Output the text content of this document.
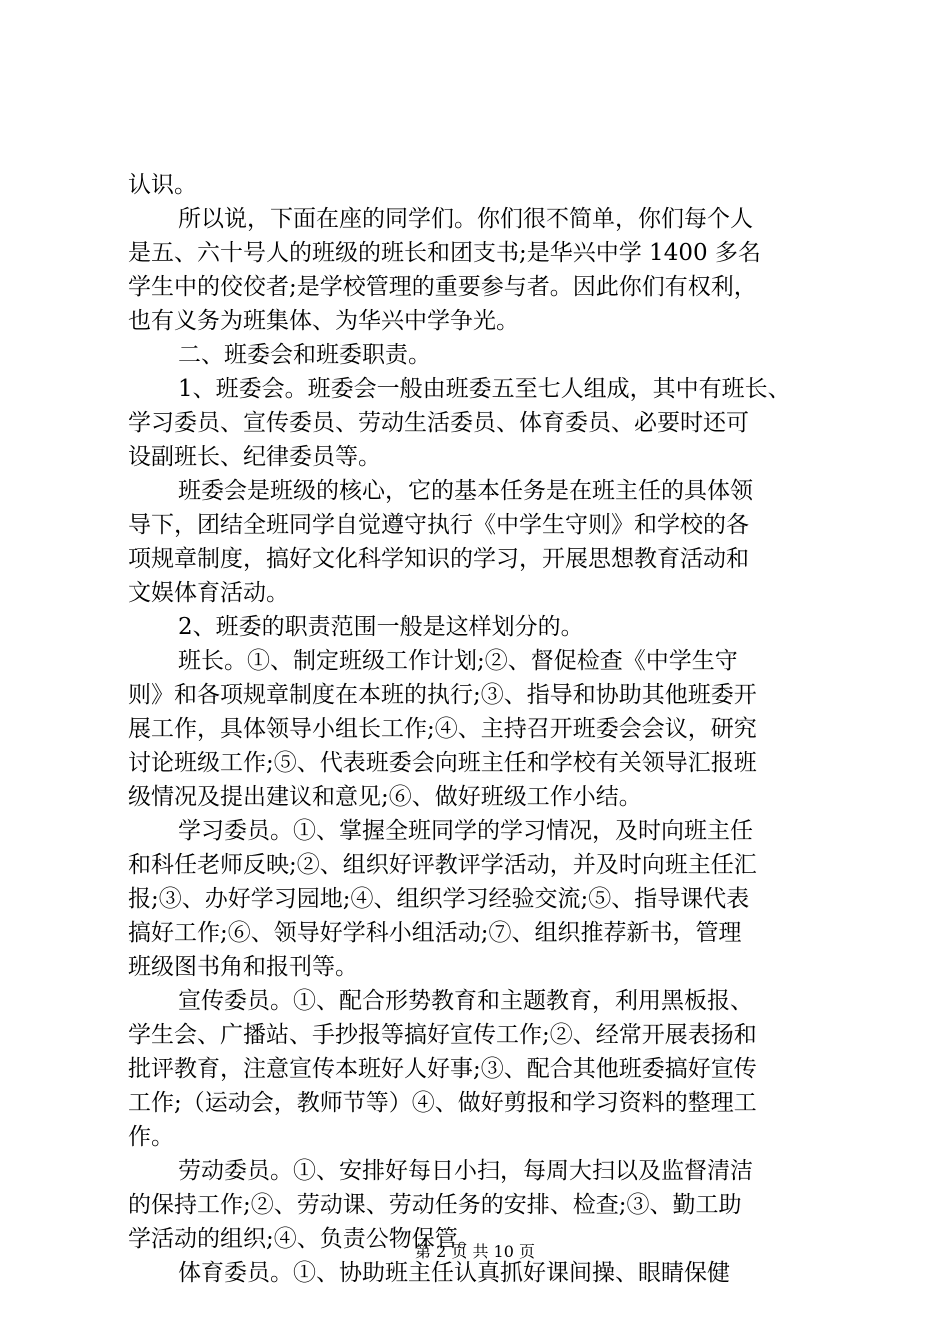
认识。
所以说，下面在座的同学们。你们很不简单，你们每个人
是五、六十号人的班级的班长和团支书;是华兴中学 1400 多名
学生中的佼佼者;是学校管理的重要参与者。因此你们有权利，
也有义务为班集体、为华兴中学争光。
二、班委会和班委职责。
1、班委会。班委会一般由班委五至七人组成，其中有班长、
学习委员、宣传委员、劳动生活委员、体育委员、必要时还可
设副班长、纪律委员等。
班委会是班级的核心，它的基本任务是在班主任的具体领
导下，团结全班同学自觉遵守执行《中学生守则》和学校的各
项规章制度，搞好文化科学知识的学习，开展思想教育活动和
文娱体育活动。
2、班委的职责范围一般是这样划分的。
班长。①、制定班级工作计划;②、督促检查《中学生守
则》和各项规章制度在本班的执行;③、指导和协助其他班委开
展工作，具体领导小组长工作;④、主持召开班委会会议，研究
讨论班级工作;⑤、代表班委会向班主任和学校有关领导汇报班
级情况及提出建议和意见;⑥、做好班级工作小结。
学习委员。①、掌握全班同学的学习情况，及时向班主任
和科任老师反映;②、组织好评教评学活动，并及时向班主任汇
报;③、办好学习园地;④、组织学习经验交流;⑤、指导课代表
搞好工作;⑥、领导好学科小组活动;⑦、组织推荐新书，管理
班级图书角和报刊等。
宣传委员。①、配合形势教育和主题教育，利用黑板报、
学生会、广播站、手抄报等搞好宣传工作;②、经常开展表扬和
批评教育，注意宣传本班好人好事;③、配合其他班委搞好宣传
工作;（运动会，教师节等）④、做好剪报和学习资料的整理工
作。
劳动委员。①、安排好每日小扫，每周大扫以及监督清洁
的保持工作;②、劳动课、劳动任务的安排、检查;③、勤工助
学活动的组织;④、负责公物保管。
体育委员。①、协助班主任认真抓好课间操、眼睛保健
第 2 页 共 10 页
